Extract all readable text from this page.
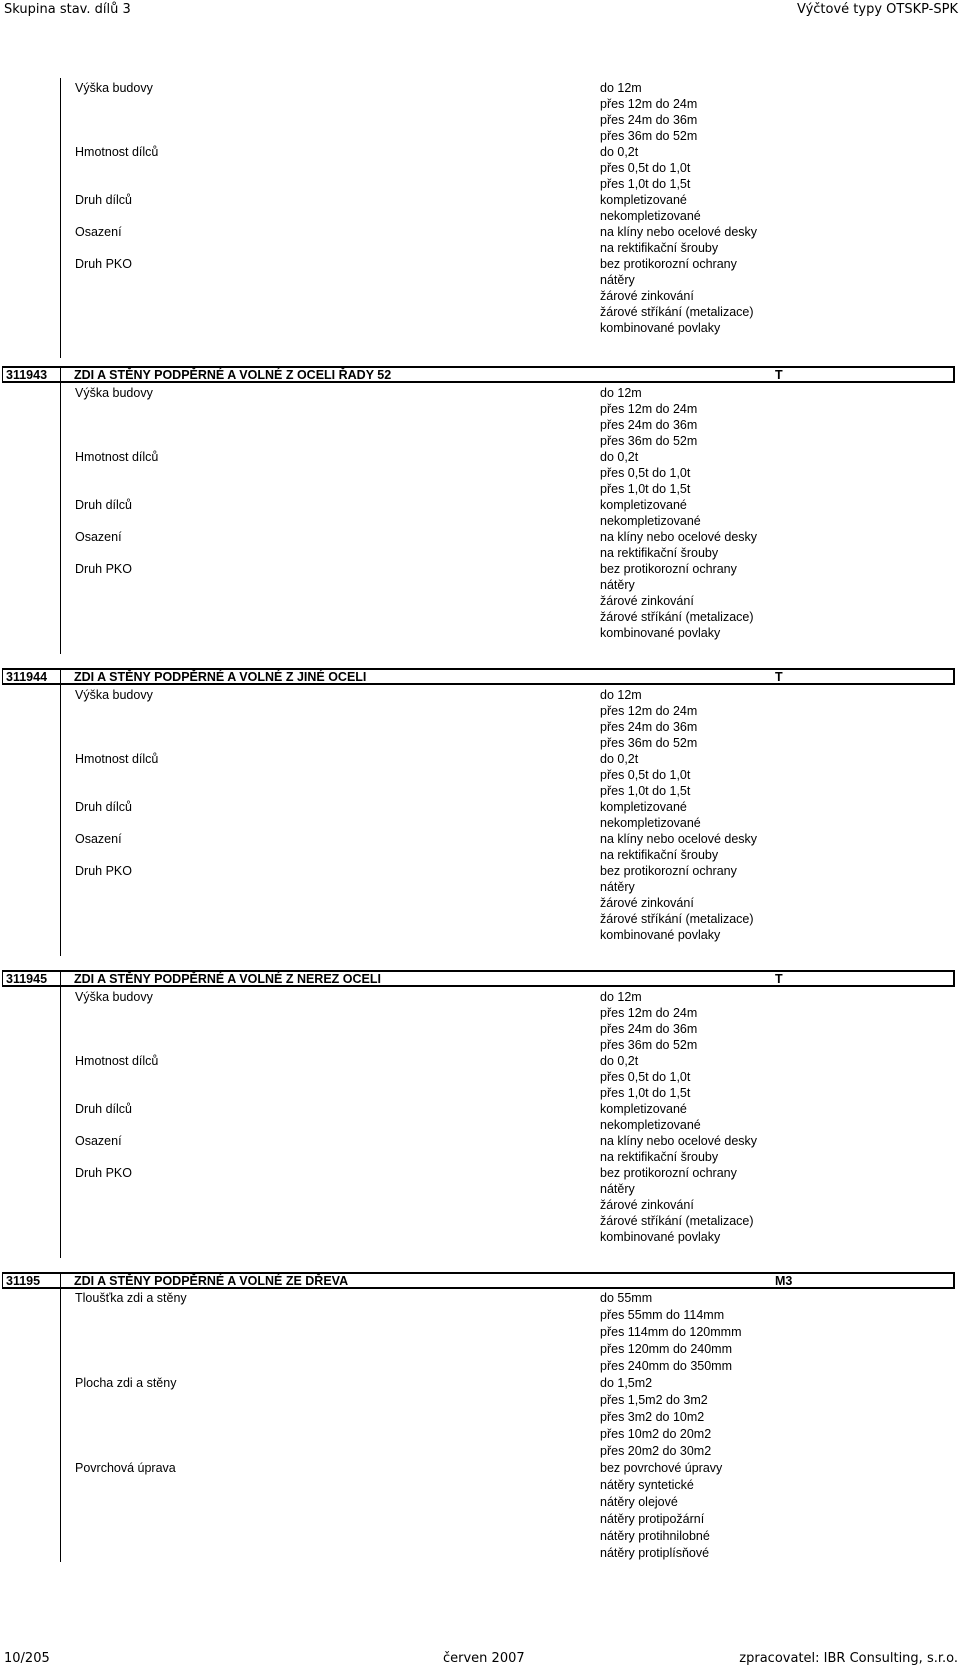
Skupina stav. dílů 3	Výčtové typy OTSKP-SPK
Výška budovy	do 12m
přes 12m do 24m
přes 24m do 36m
přes 36m do 52m
Hmotnost dílců	do 0,2t
přes 0,5t do 1,0t
přes 1,0t do 1,5t
Druh dílců	kompletizované
nekompletizované
Osazení	na klíny nebo ocelové desky
na rektifikační šrouby
Druh PKO	bez protikorozní ochrany
nátěry
žárové zinkování
žárové stříkání (metalizace)
kombinované povlaky
311943 ZDI A STĚNY PODPĚRNÉ A VOLNÉ Z OCELI ŘADY 52	T
Výška budovy	do 12m
přes 12m do 24m
přes 24m do 36m
přes 36m do 52m
Hmotnost dílců	do 0,2t
přes 0,5t do 1,0t
přes 1,0t do 1,5t
Druh dílců	kompletizované
nekompletizované
Osazení	na klíny nebo ocelové desky
na rektifikační šrouby
Druh PKO	bez protikorozní ochrany
nátěry
žárové zinkování
žárové stříkání (metalizace)
kombinované povlaky
311944 ZDI A STĚNY PODPĚRNÉ A VOLNÉ Z JINÉ OCELI	T
Výška budovy	do 12m
přes 12m do 24m
přes 24m do 36m
přes 36m do 52m
Hmotnost dílců	do 0,2t
přes 0,5t do 1,0t
přes 1,0t do 1,5t
Druh dílců	kompletizované
nekompletizované
Osazení	na klíny nebo ocelové desky
na rektifikační šrouby
Druh PKO	bez protikorozní ochrany
nátěry
žárové zinkování
žárové stříkání (metalizace)
kombinované povlaky
311945 ZDI A STĚNY PODPĚRNÉ A VOLNÉ Z NEREZ OCELI	T
Výška budovy	do 12m
přes 12m do 24m
přes 24m do 36m
přes 36m do 52m
Hmotnost dílců	do 0,2t
přes 0,5t do 1,0t
přes 1,0t do 1,5t
Druh dílců	kompletizované
nekompletizované
Osazení	na klíny nebo ocelové desky
na rektifikační šrouby
Druh PKO	bez protikorozní ochrany
nátěry
žárové zinkování
žárové stříkání (metalizace)
kombinované povlaky
31195	ZDI A STĚNY PODPĚRNÉ A VOLNÉ ZE DŘEVA	M3
Tloušťka zdi a stěny	do 55mm
přes 55mm do 114mm
přes 114mm do 120mmm
přes 120mm do 240mm
přes 240mm do 350mm
Plocha zdi a stěny	do 1,5m2
přes 1,5m2 do 3m2
přes 3m2 do 10m2
přes 10m2 do 20m2
přes 20m2 do 30m2
Povrchová úprava	bez povrchové úpravy
nátěry syntetické
nátěry olejové
nátěry protipožární
nátěry protihnilobné
nátěry protiplísňové
10/205	červen 2007	zpracovatel: IBR Consulting, s.r.o.
